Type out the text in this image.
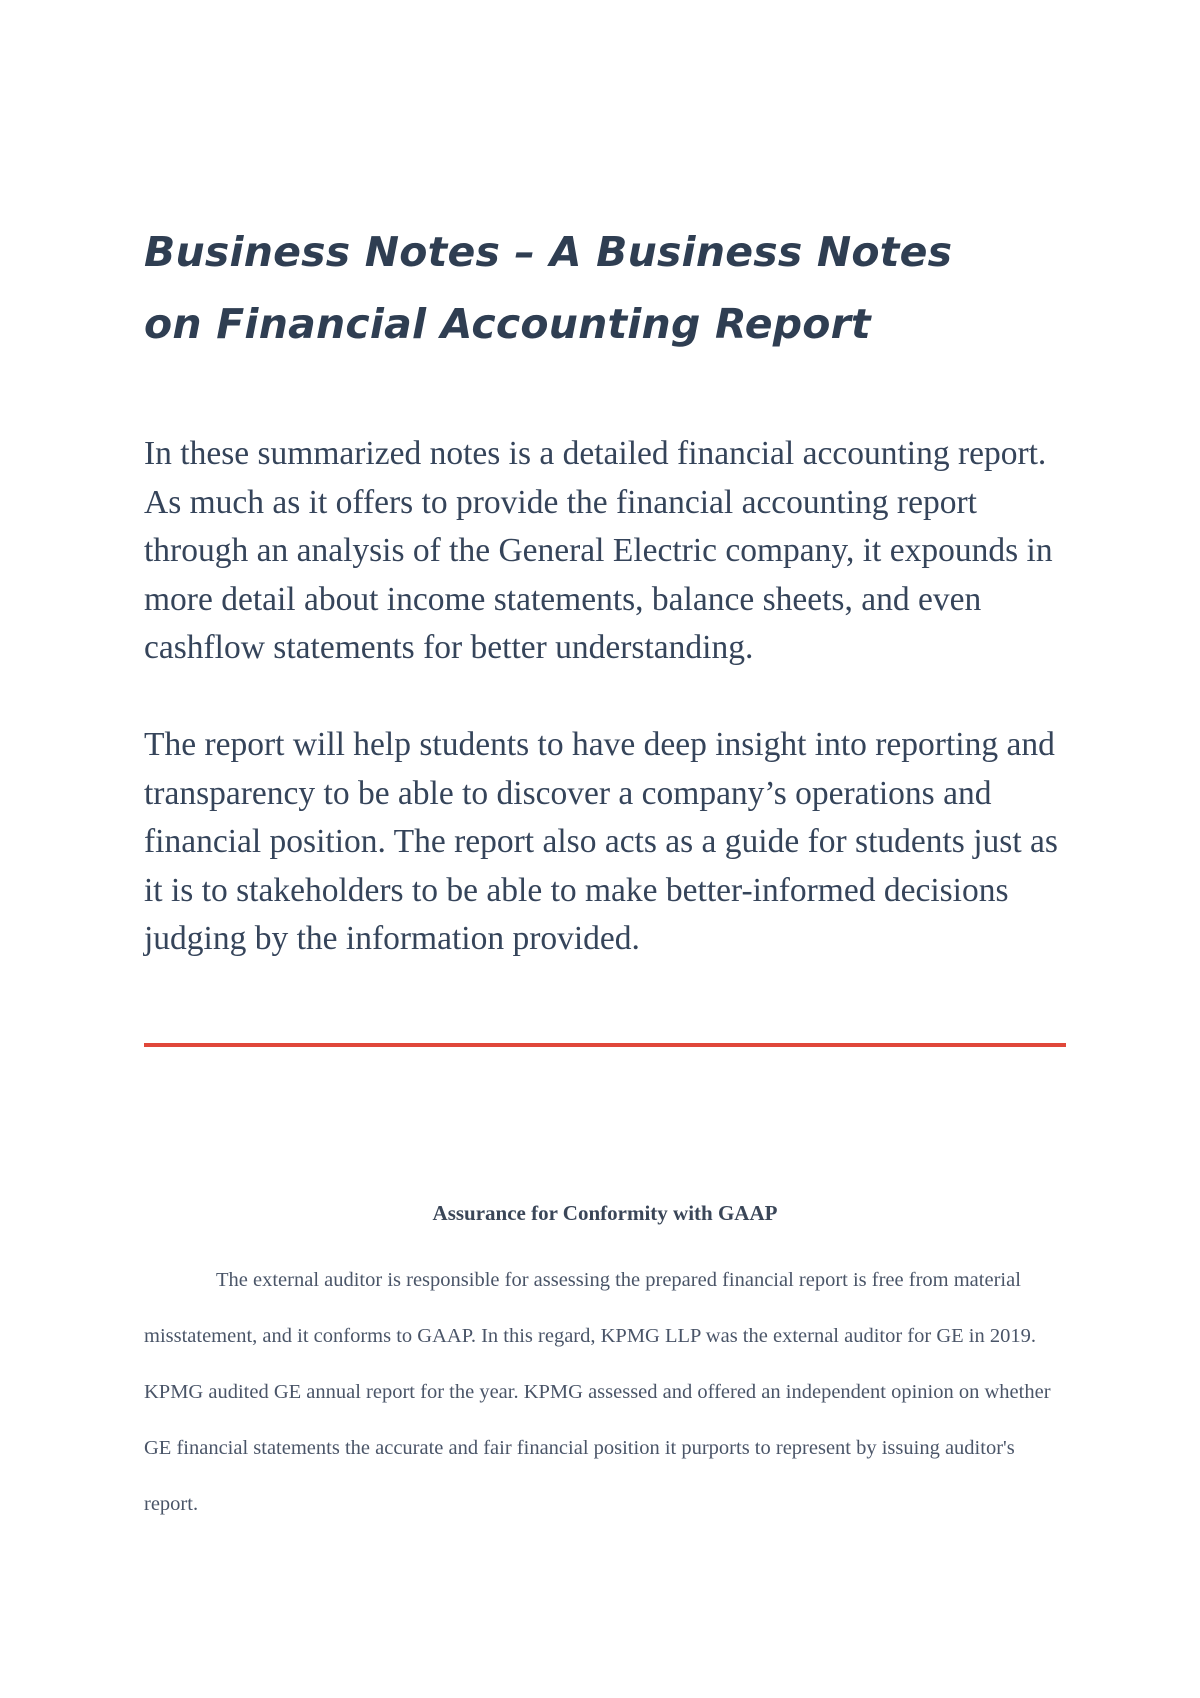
Business Notes – A Business Notes
on Financial Accounting Report

In these summarized notes is a detailed financial accounting report. As much as it offers to provide the financial accounting report through an analysis of the General Electric company, it expounds in more detail about income statements, balance sheets, and even cashflow statements for better understanding.

The report will help students to have deep insight into reporting and transparency to be able to discover a company’s operations and financial position. The report also acts as a guide for students just as it is to stakeholders to be able to make better-informed decisions judging by the information provided.

Assurance for Conformity with GAAP

The external auditor is responsible for assessing the prepared financial report is free from material misstatement, and it conforms to GAAP. In this regard, KPMG LLP was the external auditor for GE in 2019. KPMG audited GE annual report for the year. KPMG assessed and offered an independent opinion on whether GE financial statements the accurate and fair financial position it purports to represent by issuing auditor's report.
